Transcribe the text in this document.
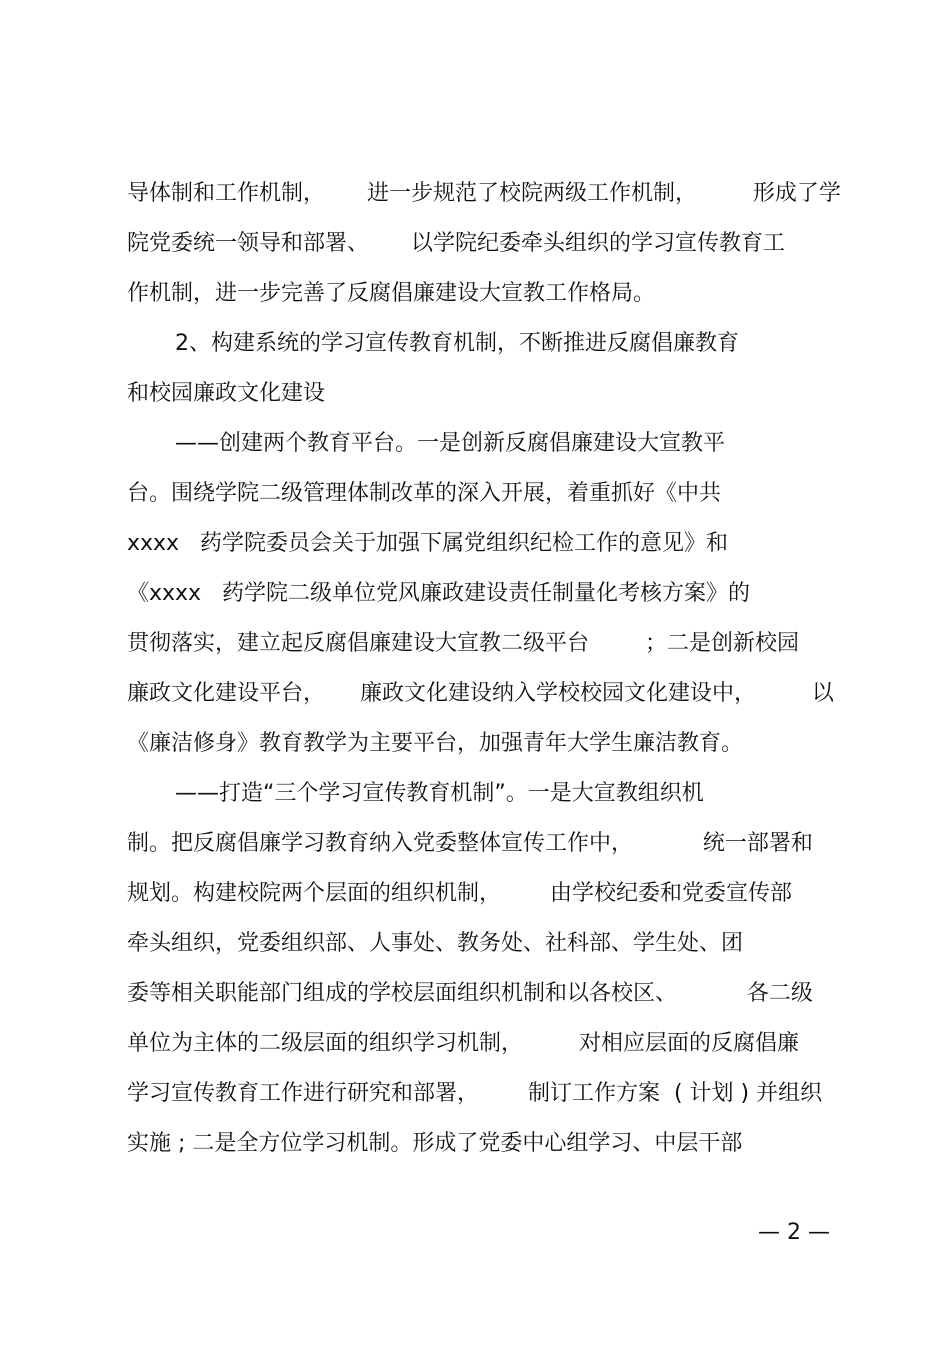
导体制和工作机制，      进一步规范了校院两级工作机制，        形成了学
院党委统一领导和部署、      以学院纪委牵头组织的学习宣传教育工
作机制，进一步完善了反腐倡廉建设大宣教工作格局。
2、构建系统的学习宣传教育机制，不断推进反腐倡廉教育
和校园廉政文化建设
——创建两个教育平台。一是创新反腐倡廉建设大宣教平
台。围绕学院二级管理体制改革的深入开展，着重抓好《中共
xxxx   药学院委员会关于加强下属党组织纪检工作的意见》和
《xxxx   药学院二级单位党风廉政建设责任制量化考核方案》的
贯彻落实，建立起反腐倡廉建设大宣教二级平台        ；二是创新校园
廉政文化建设平台，     廉政文化建设纳入学校校园文化建设中，        以
《廉洁修身》教育教学为主要平台，加强青年大学生廉洁教育。
——打造“三个学习宣传教育机制”。一是大宣教组织机
制。把反腐倡廉学习教育纳入党委整体宣传工作中，          统一部署和
规划。构建校院两个层面的组织机制，       由学校纪委和党委宣传部
牵头组织，党委组织部、人事处、教务处、社科部、学生处、团
委等相关职能部门组成的学校层面组织机制和以各校区、          各二级
单位为主体的二级层面的组织学习机制，        对相应层面的反腐倡廉
学习宣传教育工作进行研究和部署，       制订工作方案  ( 计划 ) 并组织
实施 ; 二是全方位学习机制。形成了党委中心组学习、中层干部
— 2 —
